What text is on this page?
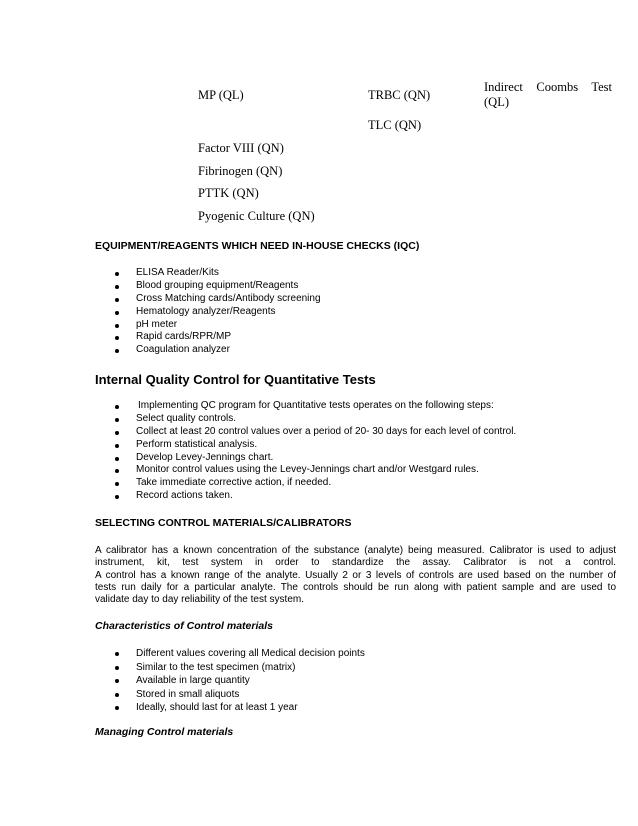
MP (QL)	TRBC (QN)
Indirect Coombs Test
(QL)
TLC (QN)
Factor VIII (QN)
Fibrinogen (QN)
PTTK (QN)
Pyogenic Culture (QN)
EQUIPMENT/REAGENTS WHICH NEED IN-HOUSE CHECKS (IQC)
ELISA Reader/Kits
Blood grouping equipment/Reagents
Cross Matching cards/Antibody screening
Hematology analyzer/Reagents
pH meter
Rapid cards/RPR/MP
Coagulation analyzer
Internal Quality Control for Quantitative Tests
Implementing QC program for Quantitative tests operates on the following steps:
Select quality controls.
Collect at least 20 control values over a period of 20- 30 days for each level of control.
Perform statistical analysis.
Develop Levey-Jennings chart.
Monitor control values using the Levey-Jennings chart and/or Westgard rules.
Take immediate corrective action, if needed.
Record actions taken.
SELECTING CONTROL MATERIALS/CALIBRATORS
A calibrator has a known concentration of the substance (analyte) being measured. Calibrator is used to adjust
instrument, kit, test system in order to standardize the assay. Calibrator is not a control.
A control has a known range of the analyte. Usually 2 or 3 levels of controls are used based on the number of
tests run daily for a particular analyte. The controls should be run along with patient sample and are used to
validate day to day reliability of the test system.
Characteristics of Control materials
Different values covering all Medical decision points
Similar to the test specimen (matrix)
Available in large quantity
Stored in small aliquots
Ideally, should last for at least 1 year
Managing Control materials
